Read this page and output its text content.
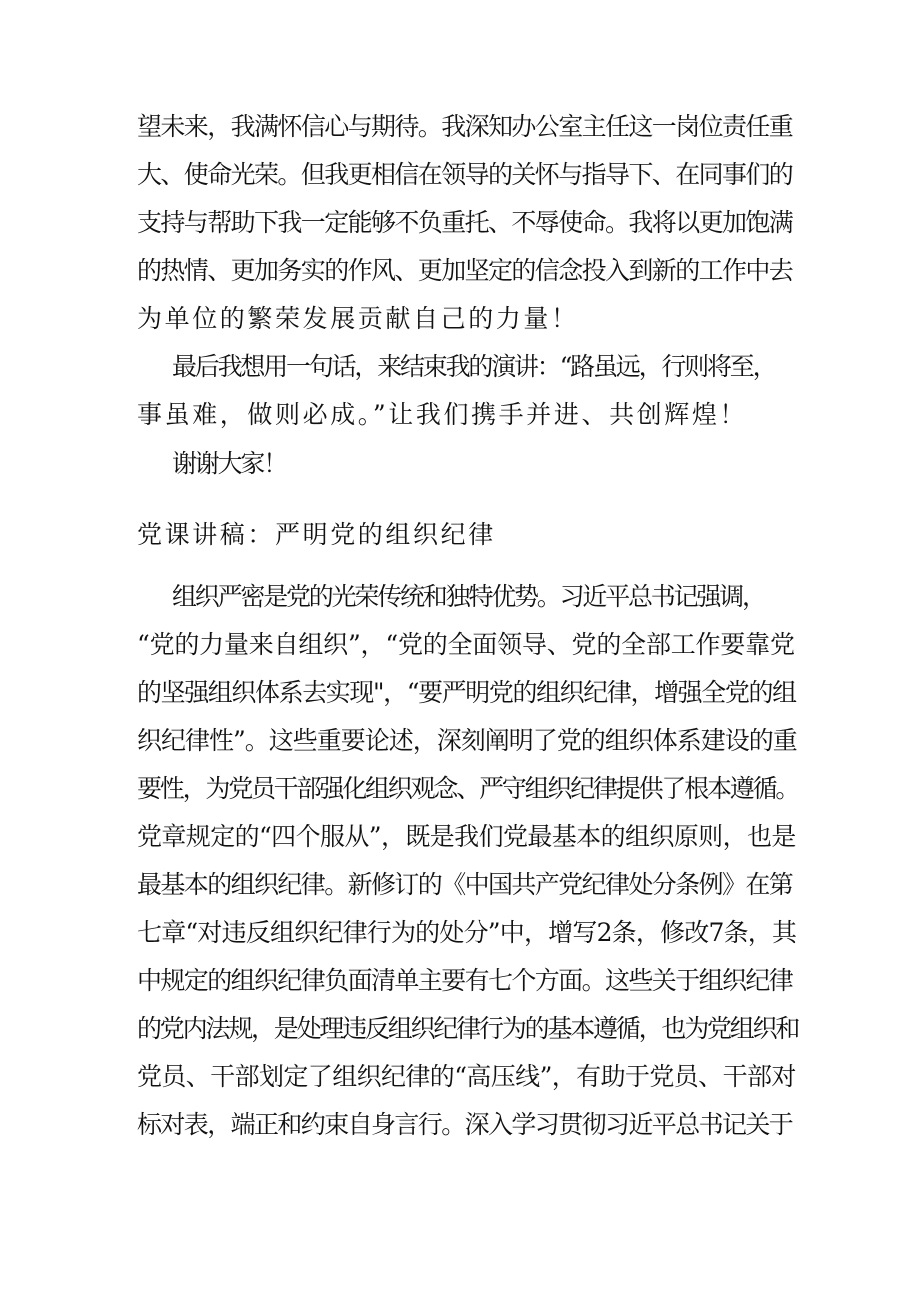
望未来，我满怀信心与期待。我深知办公室主任这一岗位责任重
大、使命光荣。但我更相信在领导的关怀与指导下、在同事们的
支持与帮助下我一定能够不负重托、不辱使命。我将以更加饱满
的热情、更加务实的作风、更加坚定的信念投入到新的工作中去
为单位的繁荣发展贡献自己的力量！
最后我想用一句话，来结束我的演讲：“路虽远，行则将至，
事虽难，做则必成。”让我们携手并进、共创辉煌！
谢谢大家！
党课讲稿：严明党的组织纪律
组织严密是党的光荣传统和独特优势。习近平总书记强调，
“党的力量来自组织”，“党的全面领导、党的全部工作要靠党
的坚强组织体系去实现"，“要严明党的组织纪律，增强全党的组
织纪律性”。这些重要论述，深刻阐明了党的组织体系建设的重
要性，为党员干部强化组织观念、严守组织纪律提供了根本遵循。
党章规定的“四个服从”，既是我们党最基本的组织原则，也是
最基本的组织纪律。新修订的《中国共产党纪律处分条例》在第
七章“对违反组织纪律行为的处分”中，增写2条，修改7条，其
中规定的组织纪律负面清单主要有七个方面。这些关于组织纪律
的党内法规，是处理违反组织纪律行为的基本遵循，也为党组织和
党员、干部划定了组织纪律的“高压线”，有助于党员、干部对
标对表，端正和约束自身言行。深入学习贯彻习近平总书记关于
